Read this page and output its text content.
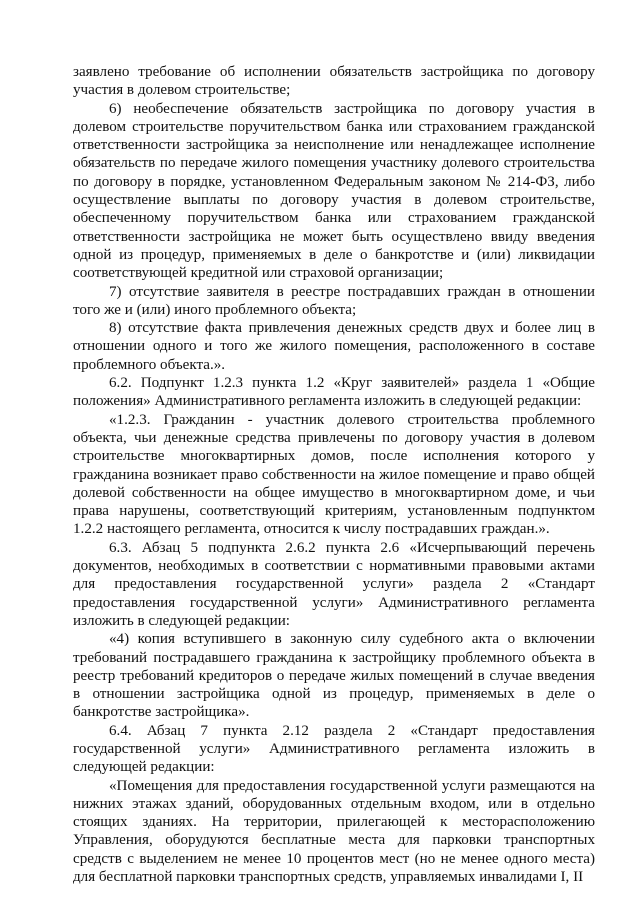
заявлено требование об исполнении обязательств застройщика по договору участия в долевом строительстве;

6) необеспечение обязательств застройщика по договору участия в долевом строительстве поручительством банка или страхованием гражданской ответственности застройщика за неисполнение или ненадлежащее исполнение обязательств по передаче жилого помещения участнику долевого строительства по договору в порядке, установленном Федеральным законом № 214-ФЗ, либо осуществление выплаты по договору участия в долевом строительстве, обеспеченному поручительством банка или страхованием гражданской ответственности застройщика не может быть осуществлено ввиду введения одной из процедур, применяемых в деле о банкротстве и (или) ликвидации соответствующей кредитной или страховой организации;

7) отсутствие заявителя в реестре пострадавших граждан в отношении того же и (или) иного проблемного объекта;

8) отсутствие факта привлечения денежных средств двух и более лиц в отношении одного и того же жилого помещения, расположенного в составе проблемного объекта.».

6.2. Подпункт 1.2.3 пункта 1.2 «Круг заявителей» раздела 1 «Общие положения» Административного регламента изложить в следующей редакции:

«1.2.3. Гражданин - участник долевого строительства проблемного объекта, чьи денежные средства привлечены по договору участия в долевом строительстве многоквартирных домов, после исполнения которого у гражданина возникает право собственности на жилое помещение и право общей долевой собственности на общее имущество в многоквартирном доме, и чьи права нарушены, соответствующий критериям, установленным подпунктом 1.2.2 настоящего регламента, относится к числу пострадавших граждан.».

6.3. Абзац 5 подпункта 2.6.2 пункта 2.6 «Исчерпывающий перечень документов, необходимых в соответствии с нормативными правовыми актами для предоставления государственной услуги» раздела 2 «Стандарт предоставления государственной услуги» Административного регламента изложить в следующей редакции:

«4) копия вступившего в законную силу судебного акта о включении требований пострадавшего гражданина к застройщику проблемного объекта в реестр требований кредиторов о передаче жилых помещений в случае введения в отношении застройщика одной из процедур, применяемых в деле о банкротстве застройщика».

6.4. Абзац 7 пункта 2.12 раздела 2 «Стандарт предоставления государственной услуги» Административного регламента изложить в следующей редакции:

«Помещения для предоставления государственной услуги размещаются на нижних этажах зданий, оборудованных отдельным входом, или в отдельно стоящих зданиях. На территории, прилегающей к месторасположению Управления, оборудуются бесплатные места для парковки транспортных средств с выделением не менее 10 процентов мест (но не менее одного места) для бесплатной парковки транспортных средств, управляемых инвалидами I, II
